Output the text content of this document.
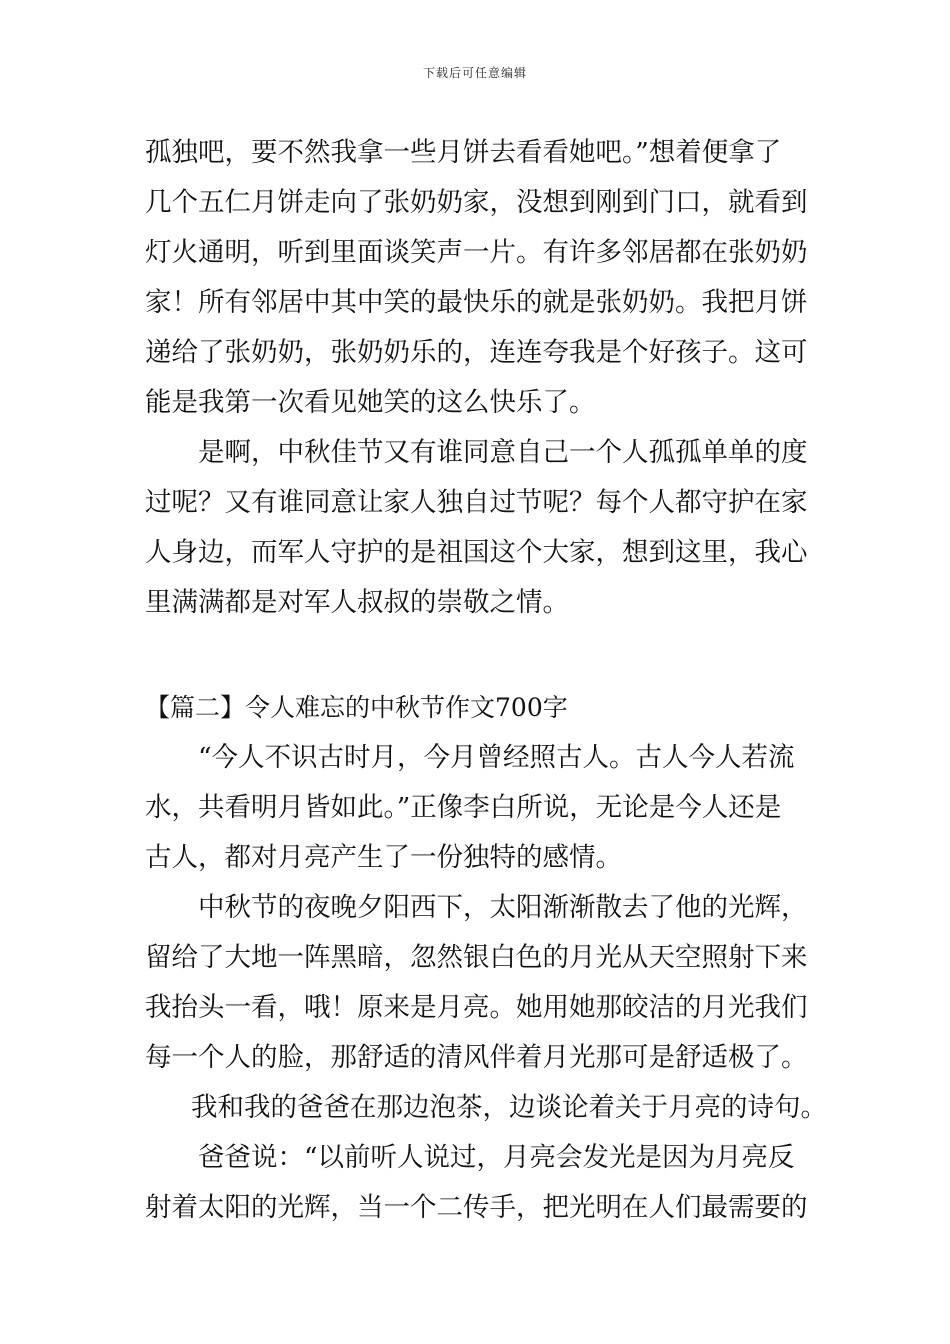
下载后可任意编辑
孤独吧，要不然我拿一些月饼去看看她吧。”想着便拿了
几个五仁月饼走向了张奶奶家，没想到刚到门口，就看到
灯火通明，听到里面谈笑声一片。有许多邻居都在张奶奶
家！所有邻居中其中笑的最快乐的就是张奶奶。我把月饼
递给了张奶奶，张奶奶乐的，连连夸我是个好孩子。这可
能是我第一次看见她笑的这么快乐了。
是啊，中秋佳节又有谁同意自己一个人孤孤单单的度
过呢？又有谁同意让家人独自过节呢？每个人都守护在家
人身边，而军人守护的是祖国这个大家，想到这里，我心
里满满都是对军人叔叔的崇敬之情。
【篇二】令人难忘的中秋节作文700字
“今人不识古时月，今月曾经照古人。古人今人若流
水，共看明月皆如此。”正像李白所说，无论是今人还是
古人，都对月亮产生了一份独特的感情。
中秋节的夜晚夕阳西下，太阳渐渐散去了他的光辉，
留给了大地一阵黑暗，忽然银白色的月光从天空照射下来
我抬头一看，哦！原来是月亮。她用她那皎洁的月光我们
每一个人的脸，那舒适的清风伴着月光那可是舒适极了。
我和我的爸爸在那边泡茶，边谈论着关于月亮的诗句。
爸爸说：“以前听人说过，月亮会发光是因为月亮反
射着太阳的光辉，当一个二传手，把光明在人们最需要的
